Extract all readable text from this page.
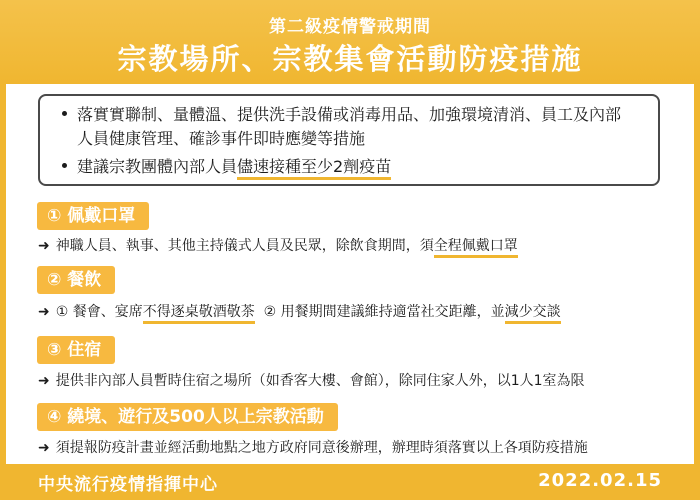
第二級疫情警戒期間
宗教場所、宗教集會活動防疫措施
落實實聯制、量體溫、提供洗手設備或消毒用品、加強環境清消、員工及內部
人員健康管理、確診事件即時應變等措施
建議宗教團體內部人員儘速接種至少2劑疫苗
① 佩戴口罩
➜ 神職人員、執事、其他主持儀式人員及民眾，除飲食期間，須全程佩戴口罩
② 餐飲
➜ ① 餐會、宴席不得逐桌敬酒敬茶  ② 用餐期間建議維持適當社交距離，並減少交談
③ 住宿
➜ 提供非內部人員暫時住宿之場所（如香客大樓、會館），除同住家人外，以1人1室為限
④ 繞境、遊行及500人以上宗教活動
➜ 須提報防疫計畫並經活動地點之地方政府同意後辦理，辦理時須落實以上各項防疫措施
中央流行疫情指揮中心	2022.02.15
